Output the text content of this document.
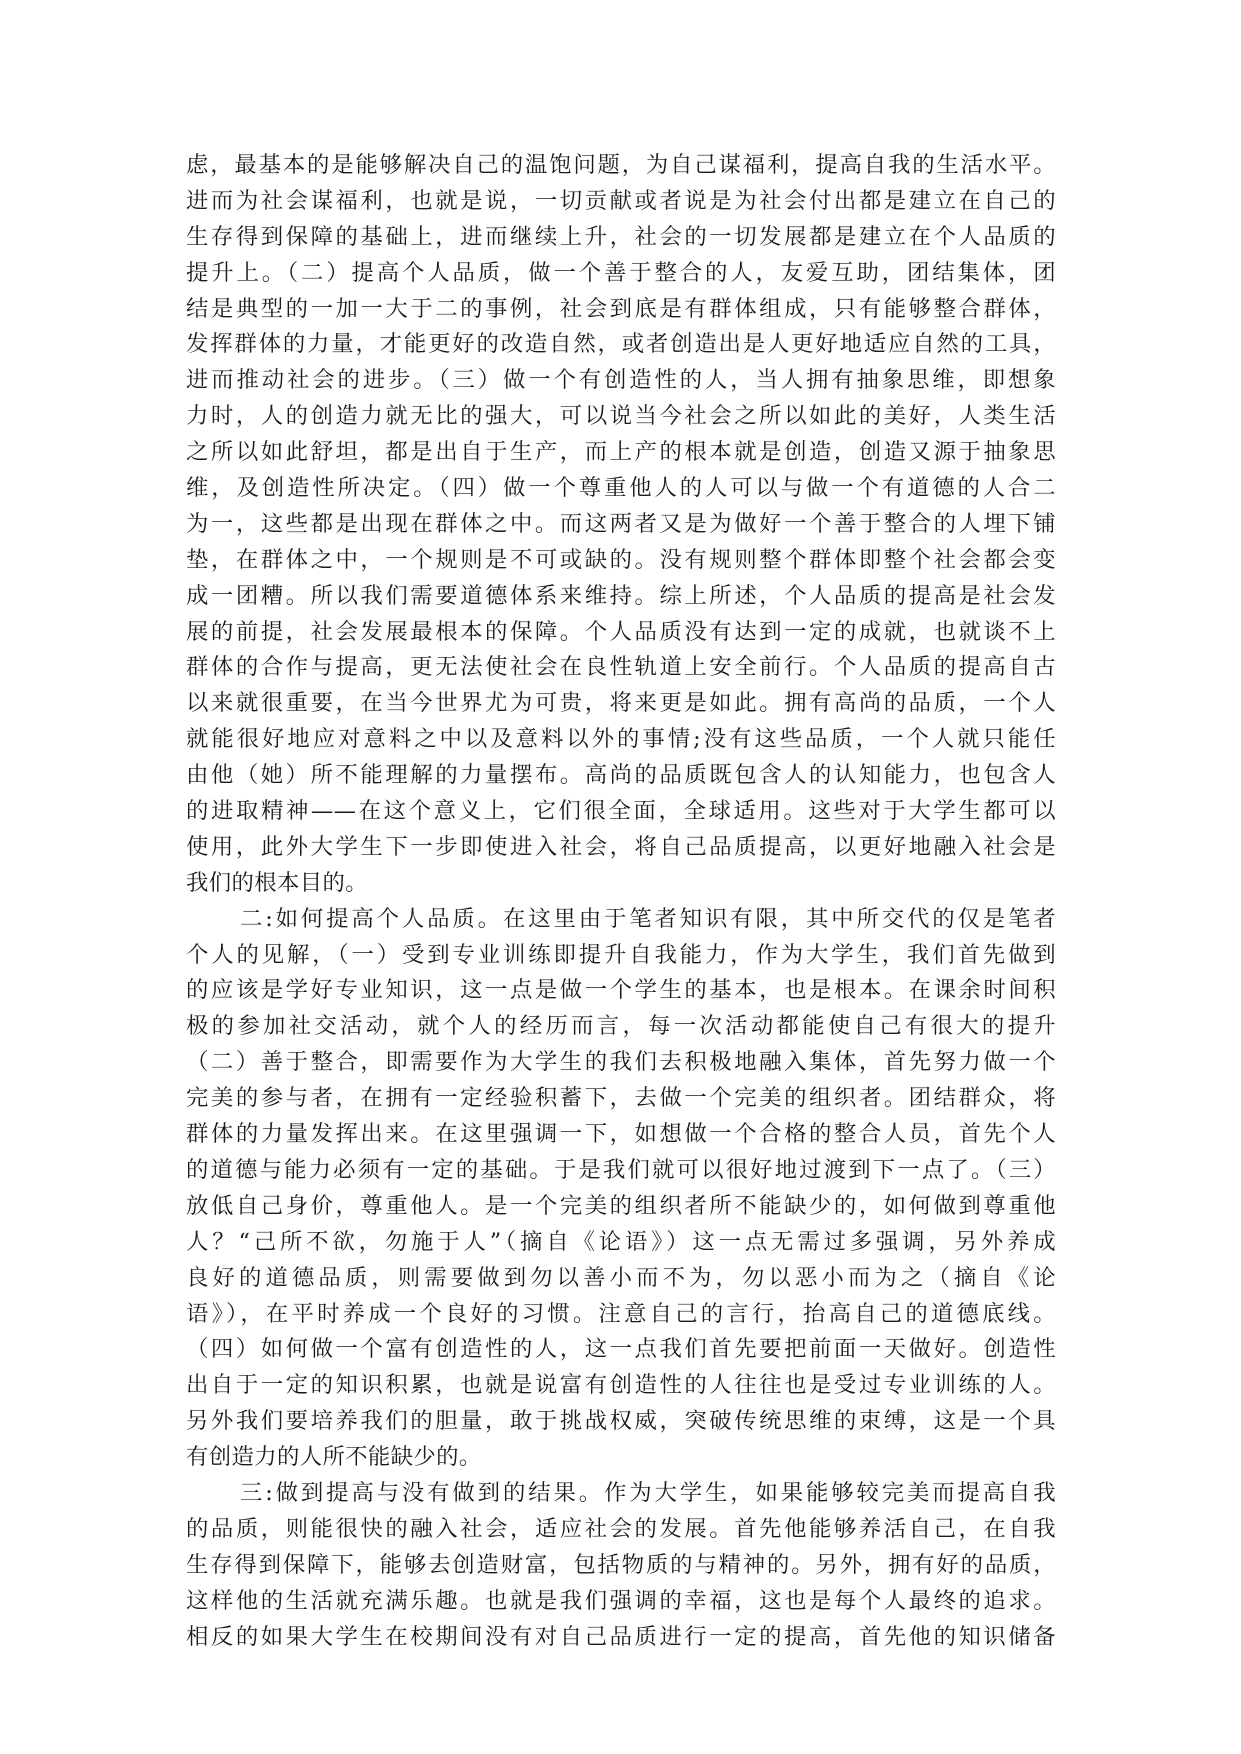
虑，最基本的是能够解决自己的温饱问题，为自己谋福利，提高自我的生活水平。
进而为社会谋福利，也就是说，一切贡献或者说是为社会付出都是建立在自己的
生存得到保障的基础上，进而继续上升，社会的一切发展都是建立在个人品质的
提升上。（二）提高个人品质，做一个善于整合的人，友爱互助，团结集体，团
结是典型的一加一大于二的事例，社会到底是有群体组成，只有能够整合群体，
发挥群体的力量，才能更好的改造自然，或者创造出是人更好地适应自然的工具，
进而推动社会的进步。（三）做一个有创造性的人，当人拥有抽象思维，即想象
力时，人的创造力就无比的强大，可以说当今社会之所以如此的美好，人类生活
之所以如此舒坦，都是出自于生产，而上产的根本就是创造，创造又源于抽象思
维，及创造性所决定。（四）做一个尊重他人的人可以与做一个有道德的人合二
为一，这些都是出现在群体之中。而这两者又是为做好一个善于整合的人埋下铺
垫，在群体之中，一个规则是不可或缺的。没有规则整个群体即整个社会都会变
成一团糟。所以我们需要道德体系来维持。综上所述，个人品质的提高是社会发
展的前提，社会发展最根本的保障。个人品质没有达到一定的成就，也就谈不上
群体的合作与提高，更无法使社会在良性轨道上安全前行。个人品质的提高自古
以来就很重要，在当今世界尤为可贵，将来更是如此。拥有高尚的品质，一个人
就能很好地应对意料之中以及意料以外的事情;没有这些品质，一个人就只能任
由他（她）所不能理解的力量摆布。高尚的品质既包含人的认知能力，也包含人
的进取精神——在这个意义上，它们很全面，全球适用。这些对于大学生都可以
使用，此外大学生下一步即使进入社会，将自己品质提高，以更好地融入社会是
我们的根本目的。
二:如何提高个人品质。在这里由于笔者知识有限，其中所交代的仅是笔者
个人的见解，（一）受到专业训练即提升自我能力，作为大学生，我们首先做到
的应该是学好专业知识，这一点是做一个学生的基本，也是根本。在课余时间积
极的参加社交活动，就个人的经历而言，每一次活动都能使自己有很大的提升
（二）善于整合，即需要作为大学生的我们去积极地融入集体，首先努力做一个
完美的参与者，在拥有一定经验积蓄下，去做一个完美的组织者。团结群众，将
群体的力量发挥出来。在这里强调一下，如想做一个合格的整合人员，首先个人
的道德与能力必须有一定的基础。于是我们就可以很好地过渡到下一点了。（三）
放低自己身价，尊重他人。是一个完美的组织者所不能缺少的，如何做到尊重他
人？“己所不欲，勿施于人”（摘自《论语》）这一点无需过多强调，另外养成
良好的道德品质，则需要做到勿以善小而不为，勿以恶小而为之（摘自《论
语》），在平时养成一个良好的习惯。注意自己的言行，抬高自己的道德底线。
（四）如何做一个富有创造性的人，这一点我们首先要把前面一天做好。创造性
出自于一定的知识积累，也就是说富有创造性的人往往也是受过专业训练的人。
另外我们要培养我们的胆量，敢于挑战权威，突破传统思维的束缚，这是一个具
有创造力的人所不能缺少的。
三:做到提高与没有做到的结果。作为大学生，如果能够较完美而提高自我
的品质，则能很快的融入社会，适应社会的发展。首先他能够养活自己，在自我
生存得到保障下，能够去创造财富，包括物质的与精神的。另外，拥有好的品质，
这样他的生活就充满乐趣。也就是我们强调的幸福，这也是每个人最终的追求。
相反的如果大学生在校期间没有对自己品质进行一定的提高，首先他的知识储备
